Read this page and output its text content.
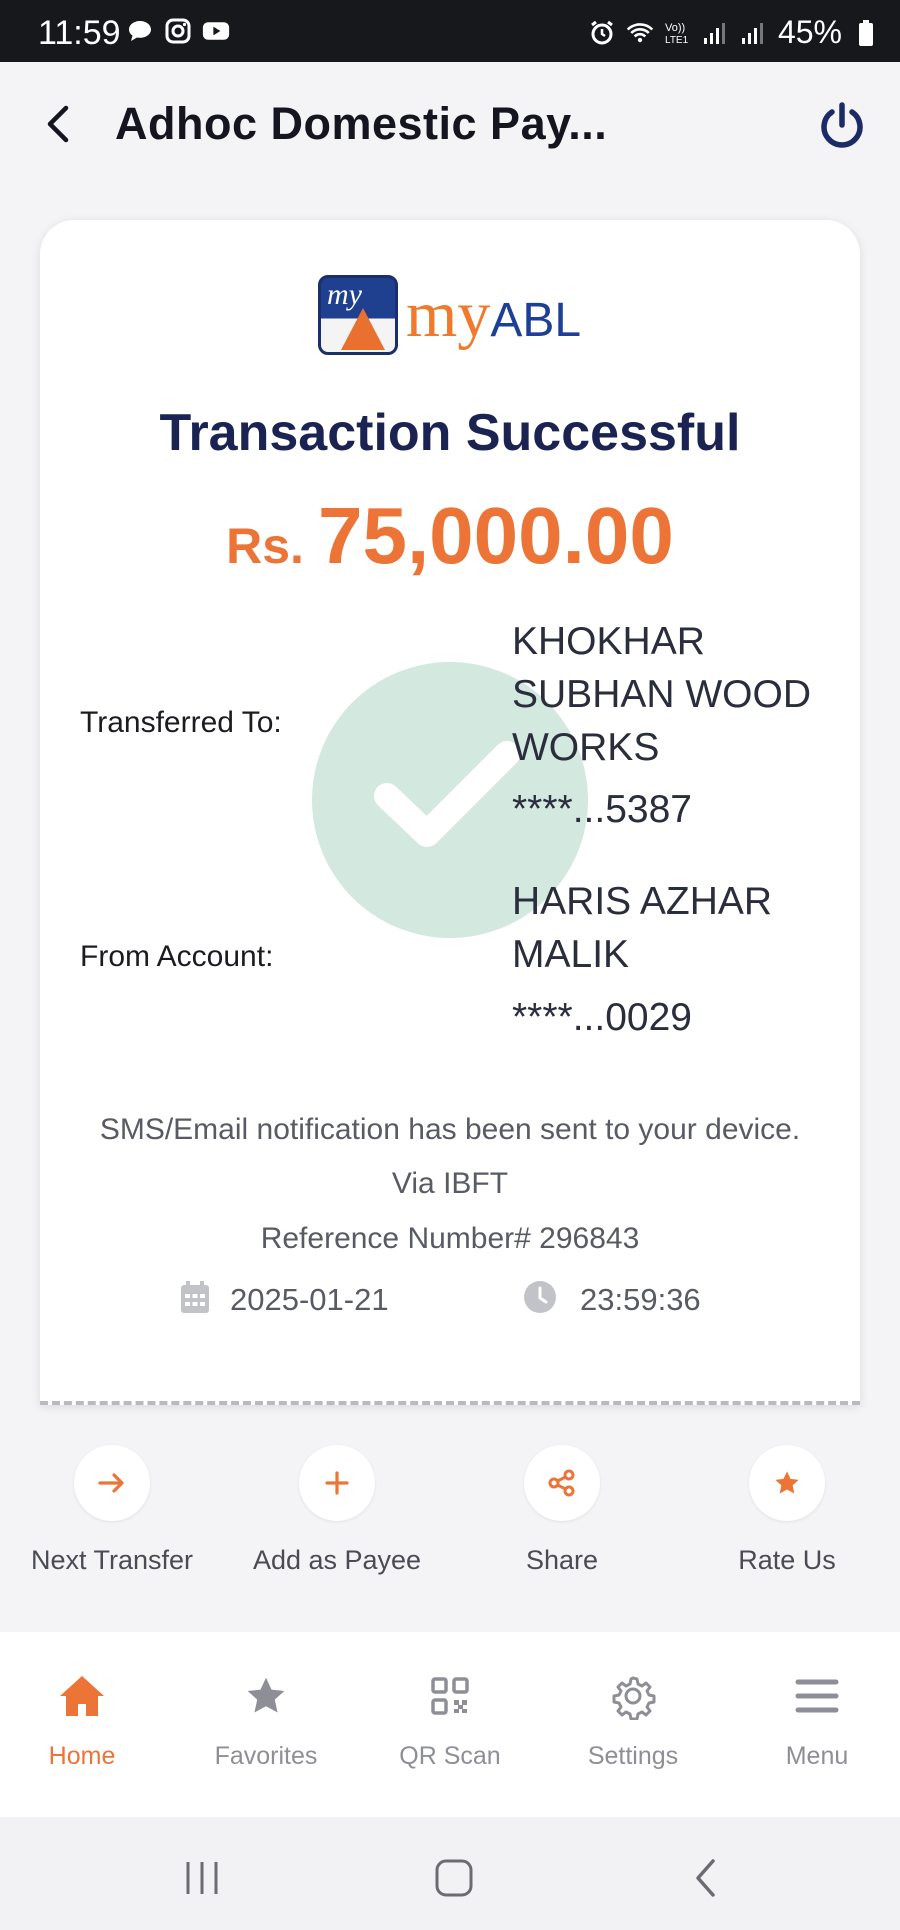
11:59	Vo))
LTE1	45%
Adhoc Domestic Pay...
my myABL
Transaction Successful
Rs. 75,000.00
Transferred To:
KHOKHAR SUBHAN WOOD WORKS
****...5387
From Account:
HARIS AZHAR MALIK
****...0029
SMS/Email notification has been sent to your device.
Via IBFT
Reference Number# 296843
2025-01-21	23:59:36
Next Transfer	Add as Payee	Share	Rate Us
Home	Favorites	QR Scan	Settings	Menu
